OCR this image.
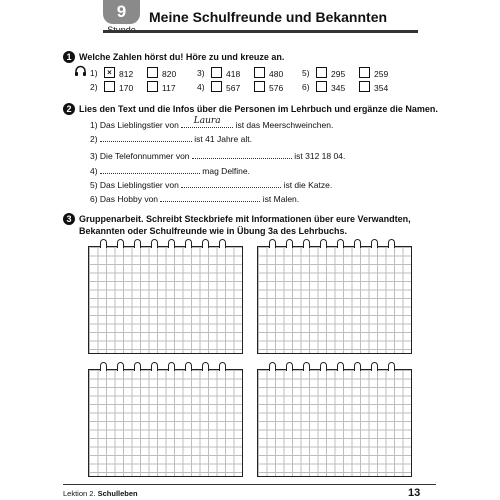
9	Meine Schulfreunde und Bekannten
1 Welche Zahlen hörst du! Höre zu und kreuze an.
1) × 812	820
2)	170	117
3)	418	480
4)	567	576
5)	295	259
6)	345	354
2 Lies den Text und die Infos über die Personen im Lehrbuch und ergänze die Namen.
1) Das Lieblingstier von	Laura	ist das Meerschweinchen.
2)	ist 41 Jahre alt.
3) Die Telefonnummer von	ist 312 18 04.
4)	mag Delfine.
5) Das Lieblingstier von	ist die Katze.
6) Das Hobby von	ist Malen.
3 Gruppenarbeit. Schreibt Steckbriefe mit Informationen über eure Verwandten,
Bekannten oder Schulfreunde wie in Übung 3a des Lehrbuchs.
Lektion 2. Schulleben	13
